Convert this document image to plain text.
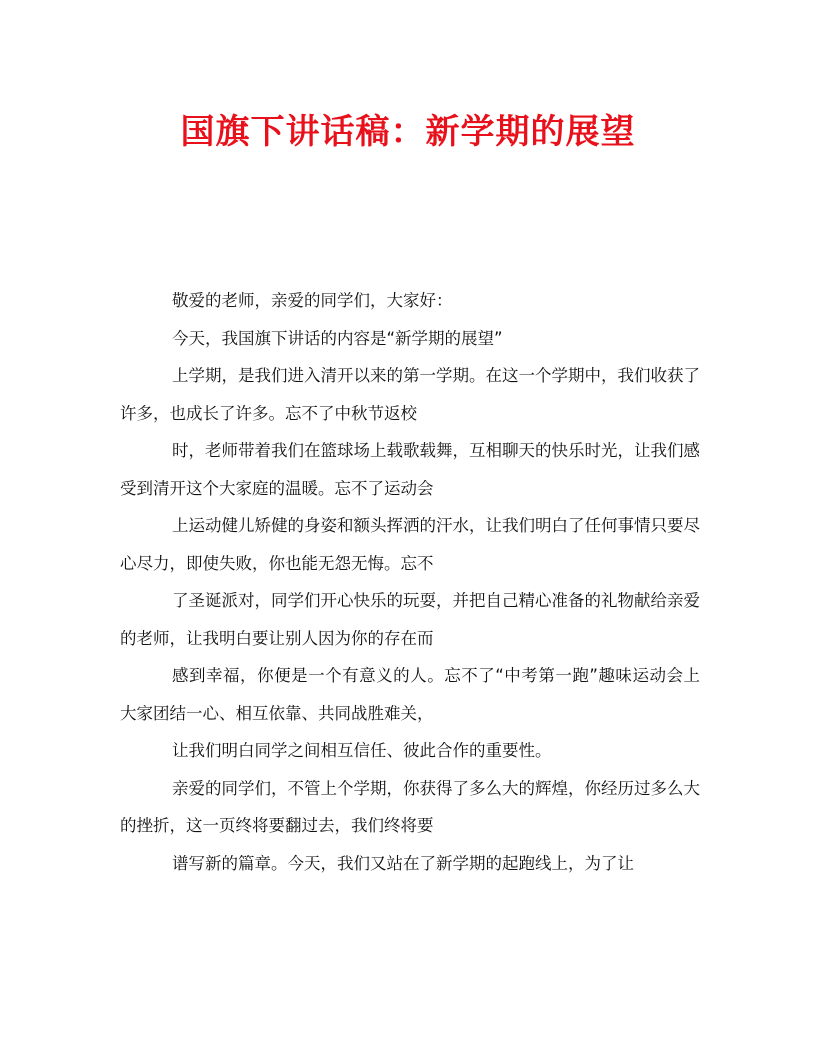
国旗下讲话稿：新学期的展望

敬爱的老师，亲爱的同学们，大家好：

今天，我国旗下讲话的内容是“新学期的展望”

上学期，是我们进入清开以来的第一学期。在这一个学期中，我们收获了许多，也成长了许多。忘不了中秋节返校

时，老师带着我们在篮球场上载歌载舞，互相聊天的快乐时光，让我们感受到清开这个大家庭的温暖。忘不了运动会

上运动健儿矫健的身姿和额头挥洒的汗水，让我们明白了任何事情只要尽心尽力，即使失败，你也能无怨无悔。忘不

了圣诞派对，同学们开心快乐的玩耍，并把自己精心准备的礼物献给亲爱的老师，让我明白要让别人因为你的存在而

感到幸福，你便是一个有意义的人。忘不了“中考第一跑”趣味运动会上大家团结一心、相互依靠、共同战胜难关，

让我们明白同学之间相互信任、彼此合作的重要性。

亲爱的同学们，不管上个学期，你获得了多么大的辉煌，你经历过多么大的挫折，这一页终将要翻过去，我们终将要

谱写新的篇章。今天，我们又站在了新学期的起跑线上，为了让
